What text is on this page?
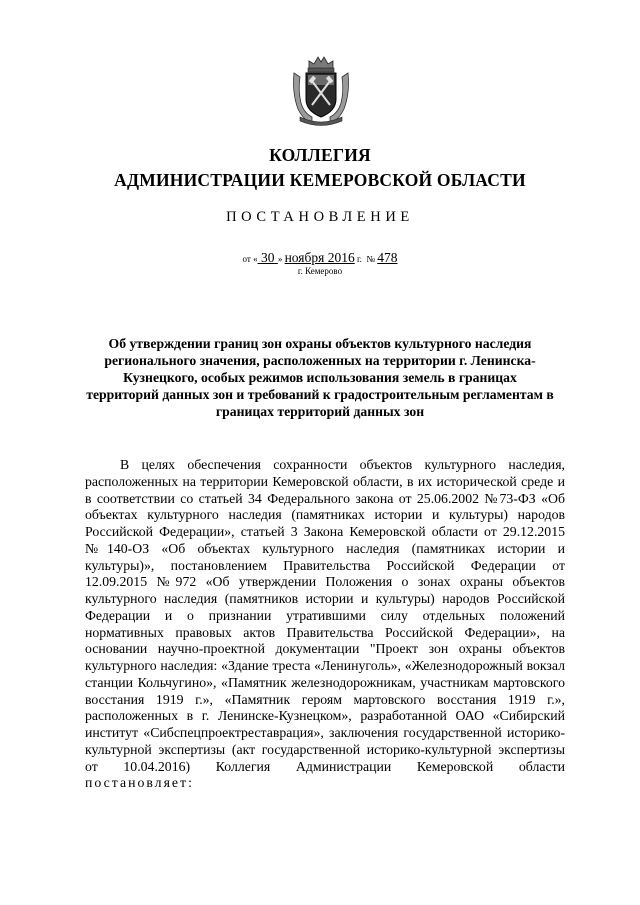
КОЛЛЕГИЯ
АДМИНИСТРАЦИИ КЕМЕРОВСКОЙ ОБЛАСТИ
ПОСТАНОВЛЕНИЕ
от « 30 » ноября 2016 г. № 478
г. Кемерово
Об утверждении границ зон охраны объектов культурного наследия регионального значения, расположенных на территории г. Ленинска-Кузнецкого, особых режимов использования земель в границах территорий данных зон и требований к градостроительным регламентам в границах территорий данных зон

В целях обеспечения сохранности объектов культурного наследия, расположенных на территории Кемеровской области, в их исторической среде и в соответствии со статьей 34 Федерального закона от 25.06.2002 №73-ФЗ «Об объектах культурного наследия (памятниках истории и культуры) народов Российской Федерации», статьей 3 Закона Кемеровской области от 29.12.2015 №140-ОЗ «Об объектах культурного наследия (памятниках истории и культуры)», постановлением Правительства Российской Федерации от 12.09.2015 №972 «Об утверждении Положения о зонах охраны объектов культурного наследия (памятников истории и культуры) народов Российской Федерации и о признании утратившими силу отдельных положений нормативных правовых актов Правительства Российской Федерации», на основании научно-проектной документации "Проект зон охраны объектов культурного наследия: «Здание треста «Ленинуголь», «Железнодорожный вокзал станции Кольчугино», «Памятник железнодорожникам, участникам мартовского восстания 1919 г.», «Памятник героям мартовского восстания 1919 г.», расположенных в г. Ленинске-Кузнецком», разработанной ОАО «Сибирский институт «Сибспецпроектреставрация», заключения государственной историко-культурной экспертизы (акт государственной историко-культурной экспертизы от 10.04.2016) Коллегия Администрации Кемеровской области постановляет:
